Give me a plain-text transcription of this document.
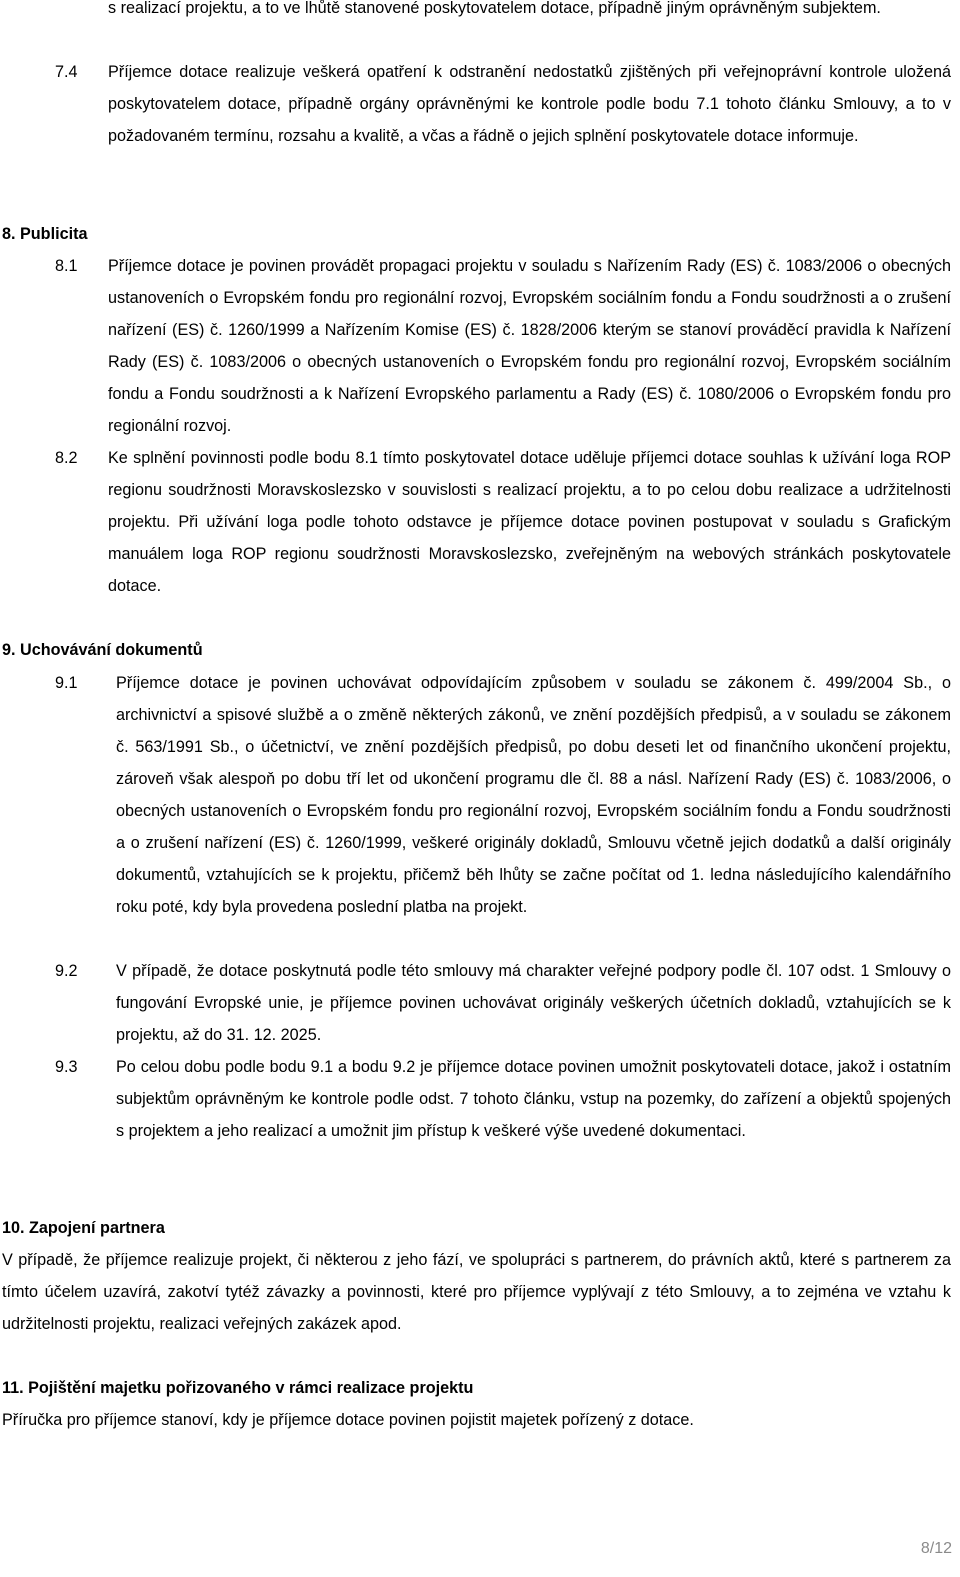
s realizací projektu, a to ve lhůtě stanovené poskytovatelem dotace, případně jiným oprávněným subjektem.
7.4 Příjemce dotace realizuje veškerá opatření k odstranění nedostatků zjištěných při veřejnoprávní kontrole uložená poskytovatelem dotace, případně orgány oprávněnými ke kontrole podle bodu 7.1 tohoto článku Smlouvy, a to v požadovaném termínu, rozsahu a kvalitě, a včas a řádně o jejich splnění poskytovatele dotace informuje.
8. Publicita
8.1 Příjemce dotace je povinen provádět propagaci projektu v souladu s Nařízením Rady (ES) č. 1083/2006 o obecných ustanoveních o Evropském fondu pro regionální rozvoj, Evropském sociálním fondu a Fondu soudržnosti a o zrušení nařízení (ES) č. 1260/1999 a Nařízením Komise (ES) č. 1828/2006 kterým se stanoví prováděcí pravidla k Nařízení Rady (ES) č. 1083/2006 o obecných ustanoveních o Evropském fondu pro regionální rozvoj, Evropském sociálním fondu a Fondu soudržnosti a k Nařízení Evropského parlamentu a Rady (ES) č. 1080/2006 o Evropském fondu pro regionální rozvoj.
8.2 Ke splnění povinnosti podle bodu 8.1 tímto poskytovatel dotace uděluje příjemci dotace souhlas k užívání loga ROP regionu soudržnosti Moravskoslezsko v souvislosti s realizací projektu, a to po celou dobu realizace a udržitelnosti projektu. Při užívání loga podle tohoto odstavce je příjemce dotace povinen postupovat v souladu s Grafickým manuálem loga ROP regionu soudržnosti Moravskoslezsko, zveřejněným na webových stránkách poskytovatele dotace.
9. Uchovávání dokumentů
9.1 Příjemce dotace je povinen uchovávat odpovídajícím způsobem v souladu se zákonem č. 499/2004 Sb., o archivnictví a spisové službě a o změně některých zákonů, ve znění pozdějších předpisů, a v souladu se zákonem č. 563/1991 Sb., o účetnictví, ve znění pozdějších předpisů, po dobu deseti let od finančního ukončení projektu, zároveň však alespoň po dobu tří let od ukončení programu dle čl. 88 a násl. Nařízení Rady (ES) č. 1083/2006, o obecných ustanoveních o Evropském fondu pro regionální rozvoj, Evropském sociálním fondu a Fondu soudržnosti a o zrušení nařízení (ES) č. 1260/1999, veškeré originály dokladů, Smlouvu včetně jejich dodatků a další originály dokumentů, vztahujících se k projektu, přičemž běh lhůty se začne počítat od 1. ledna následujícího kalendářního roku poté, kdy byla provedena poslední platba na projekt.
9.2 V případě, že dotace poskytnutá podle této smlouvy má charakter veřejné podpory podle čl. 107 odst. 1 Smlouvy o fungování Evropské unie, je příjemce povinen uchovávat originály veškerých účetních dokladů, vztahujících se k projektu, až do 31. 12. 2025.
9.3 Po celou dobu podle bodu 9.1 a bodu 9.2 je příjemce dotace povinen umožnit poskytovateli dotace, jakož i ostatním subjektům oprávněným ke kontrole podle odst. 7 tohoto článku, vstup na pozemky, do zařízení a objektů spojených s projektem a jeho realizací a umožnit jim přístup k veškeré výše uvedené dokumentaci.
10. Zapojení partnera
V případě, že příjemce realizuje projekt, či některou z jeho fází, ve spolupráci s partnerem, do právních aktů, které s partnerem za tímto účelem uzavírá, zakotví tytéž závazky a povinnosti, které pro příjemce vyplývají z této Smlouvy, a to zejména ve vztahu k udržitelnosti projektu, realizaci veřejných zakázek apod.
11. Pojištění majetku pořizovaného v rámci realizace projektu
Příručka pro příjemce stanoví, kdy je příjemce dotace povinen pojistit majetek pořízený z dotace.
8/12
